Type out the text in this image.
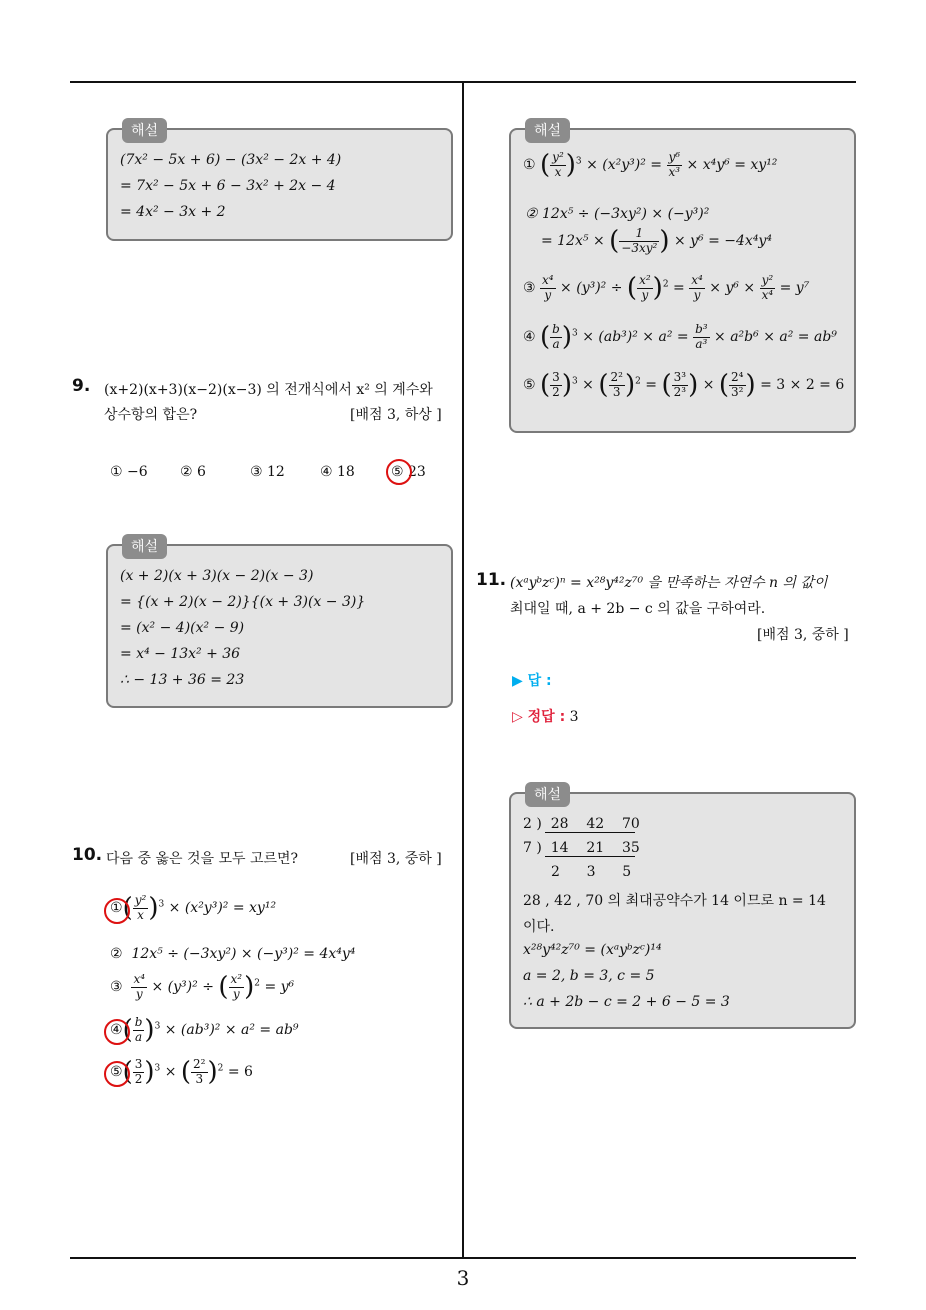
3
해설
(7x² − 5x + 6) − (3x² − 2x + 4)
= 7x² − 5x + 6 − 3x² + 2x − 4
= 4x² − 3x + 2
9. (x+2)(x+3)(x−2)(x−3) 의 전개식에서 x² 의 계수와
상수항의 합은?	[배점 3, 하상 ]
① −6 ② 6	③ 12	④ 18	⑤ 23
해설
(x + 2)(x + 3)(x − 2)(x − 3)
= {(x + 2)(x − 2)}{(x + 3)(x − 3)}
= (x² − 4)(x² − 9)
= x⁴ − 13x² + 36
∴ − 13 + 36 = 23
10. 다음 중 옳은 것을 모두 고르면?	[배점 3, 중하 ]
①( $\frac{\text{y²}}{x} )^3 \times (x^2y^3)^2 = xy^{12}$
② 12x⁵ ÷ (−3xy²) × (−y³)² = 4x⁴y⁴
③ $\frac{\text{x⁴}}{y} \times (y^3)^2$ ÷ ( $\frac{\text{x²}}{y} )^2 = y^6$
④( $\frac{b}{a} )^3 \times (ab^3)^2 \times a^2 = ab^9$
⑤( $\frac{3}{2} )^3$ × ( $\frac{\text{2²}}{3} )^2 = 6$
해설
① ( $\frac{\text{y²}}{x} )^3 \times (x^2y^3)^2 = \frac{\text{y⁶}}{\text{x³}} \times x^4y^6 = xy^{12}$
② 12x⁵ ÷ (−3xy²) × (−y³)²
= 12x⁵ × ( $\frac{1}{\text{−3xy²}}$ ) × y⁶ = −4x⁴y⁴
③ $\frac{\text{x⁴}}{y} \times (y^3)^2$ ÷ ( $\frac{\text{x²}}{y} )^2 = \frac{\text{x⁴}}{y} \times y^6 \times \frac{\text{y²}}{\text{x⁴}} = y^7$
④ ( $\frac{b}{a} )^3 \times (ab^3)^2 \times a^2 = \frac{\text{b³}}{\text{a³}} \times a^2b^6 \times a^2 = ab^9$
⑤ ( $\frac{3}{2} )^3$ × ( $\frac{\text{2²}}{3} )^2$ = ( $\frac{\text{3³}}{\text{2³}}$ ) × ( $\frac{\text{2⁴}}{\text{3²}}$ ) = 3 × 2 = 6
11. (xᵃyᵇzᶜ)ⁿ = x²⁸y⁴²z⁷⁰ 을 만족하는 자연수 n 의 값이
최대일 때, a + 2b − c 의 값을 구하여라.
[배점 3, 중하 ]
▶ 답 :
▷ 정답 : 3
해설
2 )  28    42    70
7 )  14    21    35
2      3      5
28 , 42 , 70 의 최대공약수가 14 이므로 n = 14
이다.
x²⁸y⁴²z⁷⁰ = (xᵃyᵇzᶜ)¹⁴
a = 2, b = 3, c = 5
∴ a + 2b − c = 2 + 6 − 5 = 3
